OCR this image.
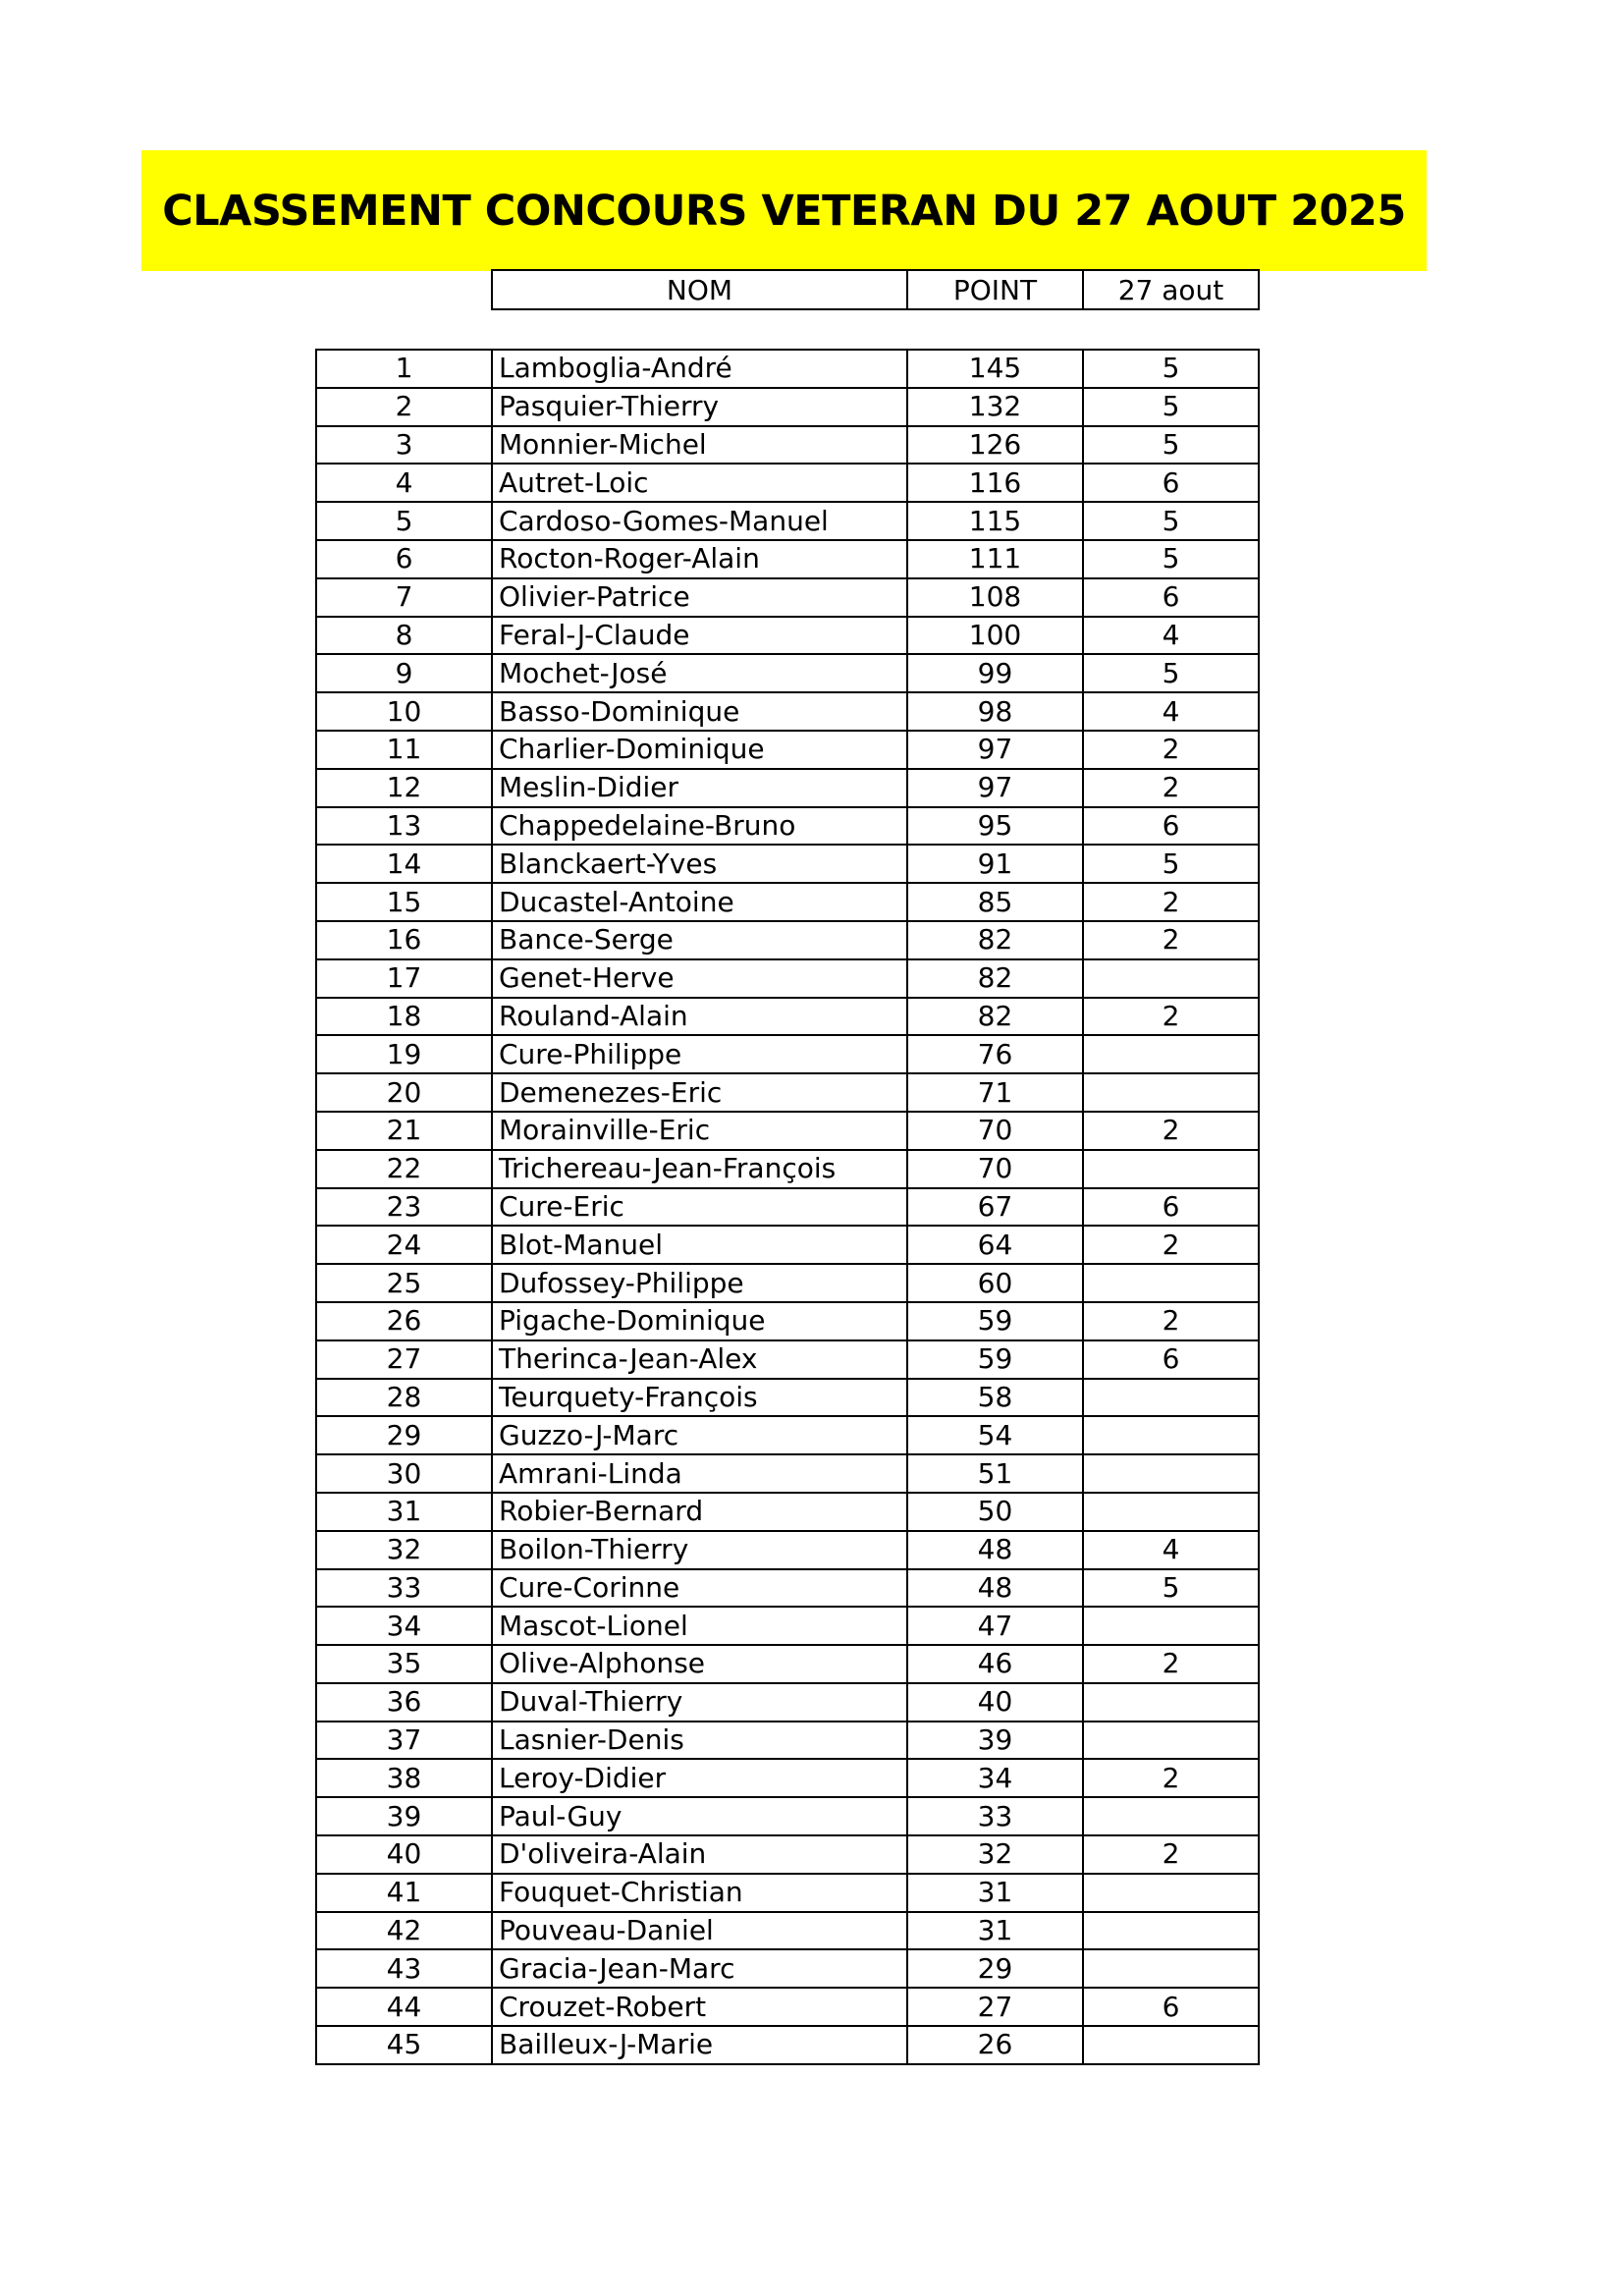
CLASSEMENT CONCOURS VETERAN DU 27 AOUT 2025
NOM	POINT	27 aout
1	Lamboglia-André	145	5
2	Pasquier-Thierry	132	5
3	Monnier-Michel	126	5
4	Autret-Loic	116	6
5	Cardoso-Gomes-Manuel	115	5
6	Rocton-Roger-Alain	111	5
7	Olivier-Patrice	108	6
8	Feral-J-Claude	100	4
9	Mochet-José	99	5
10	Basso-Dominique	98	4
11	Charlier-Dominique	97	2
12	Meslin-Didier	97	2
13	Chappedelaine-Bruno	95	6
14	Blanckaert-Yves	91	5
15	Ducastel-Antoine	85	2
16	Bance-Serge	82	2
17	Genet-Herve	82	
18	Rouland-Alain	82	2
19	Cure-Philippe	76	
20	Demenezes-Eric	71	
21	Morainville-Eric	70	2
22	Trichereau-Jean-François	70	
23	Cure-Eric	67	6
24	Blot-Manuel	64	2
25	Dufossey-Philippe	60	
26	Pigache-Dominique	59	2
27	Therinca-Jean-Alex	59	6
28	Teurquety-François	58	
29	Guzzo-J-Marc	54	
30	Amrani-Linda	51	
31	Robier-Bernard	50	
32	Boilon-Thierry	48	4
33	Cure-Corinne	48	5
34	Mascot-Lionel	47	
35	Olive-Alphonse	46	2
36	Duval-Thierry	40	
37	Lasnier-Denis	39	
38	Leroy-Didier	34	2
39	Paul-Guy	33	
40	D'oliveira-Alain	32	2
41	Fouquet-Christian	31	
42	Pouveau-Daniel	31	
43	Gracia-Jean-Marc	29	
44	Crouzet-Robert	27	6
45	Bailleux-J-Marie	26	
